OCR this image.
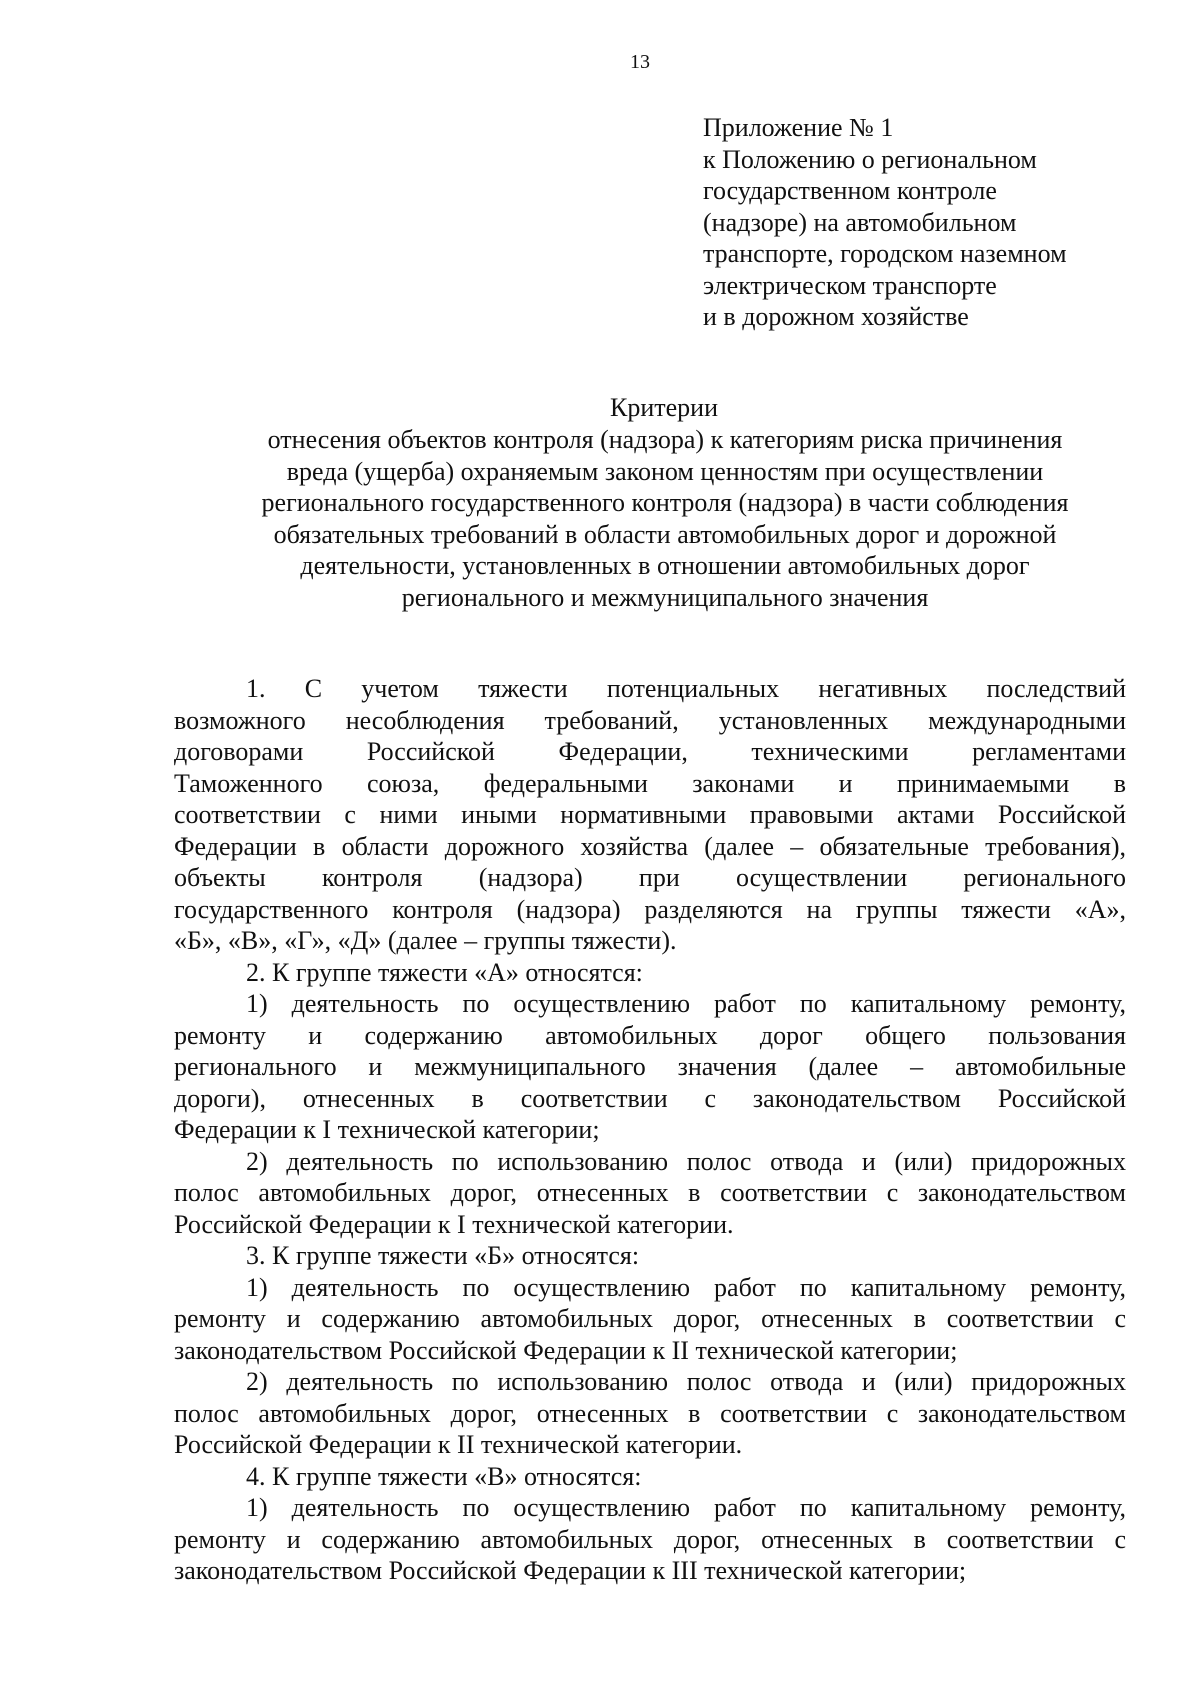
13
Приложение № 1
к Положению о региональном
государственном контроле
(надзоре) на автомобильном
транспорте, городском наземном
электрическом транспорте
и в дорожном хозяйстве
Критерии
отнесения объектов контроля (надзора) к категориям риска причинения
вреда (ущерба) охраняемым законом ценностям при осуществлении
регионального государственного контроля (надзора) в части соблюдения
обязательных требований в области автомобильных дорог и дорожной
деятельности, установленных в отношении автомобильных дорог
регионального и межмуниципального значения
1. С учетом тяжести потенциальных негативных последствий
возможного несоблюдения требований, установленных международными
договорами Российской Федерации, техническими регламентами
Таможенного союза, федеральными законами и принимаемыми в
соответствии с ними иными нормативными правовыми актами Российской
Федерации в области дорожного хозяйства (далее – обязательные требования),
объекты контроля (надзора) при осуществлении регионального
государственного контроля (надзора) разделяются на группы тяжести «А»,
«Б», «В», «Г», «Д» (далее – группы тяжести).
2. К группе тяжести «А» относятся:
1) деятельность по осуществлению работ по капитальному ремонту,
ремонту и содержанию автомобильных дорог общего пользования
регионального и межмуниципального значения (далее – автомобильные
дороги), отнесенных в соответствии с законодательством Российской
Федерации к I технической категории;
2) деятельность по использованию полос отвода и (или) придорожных
полос автомобильных дорог, отнесенных в соответствии с законодательством
Российской Федерации к I технической категории.
3. К группе тяжести «Б» относятся:
1) деятельность по осуществлению работ по капитальному ремонту,
ремонту и содержанию автомобильных дорог, отнесенных в соответствии с
законодательством Российской Федерации к II технической категории;
2) деятельность по использованию полос отвода и (или) придорожных
полос автомобильных дорог, отнесенных в соответствии с законодательством
Российской Федерации к II технической категории.
4. К группе тяжести «В» относятся:
1) деятельность по осуществлению работ по капитальному ремонту,
ремонту и содержанию автомобильных дорог, отнесенных в соответствии с
законодательством Российской Федерации к III технической категории;
